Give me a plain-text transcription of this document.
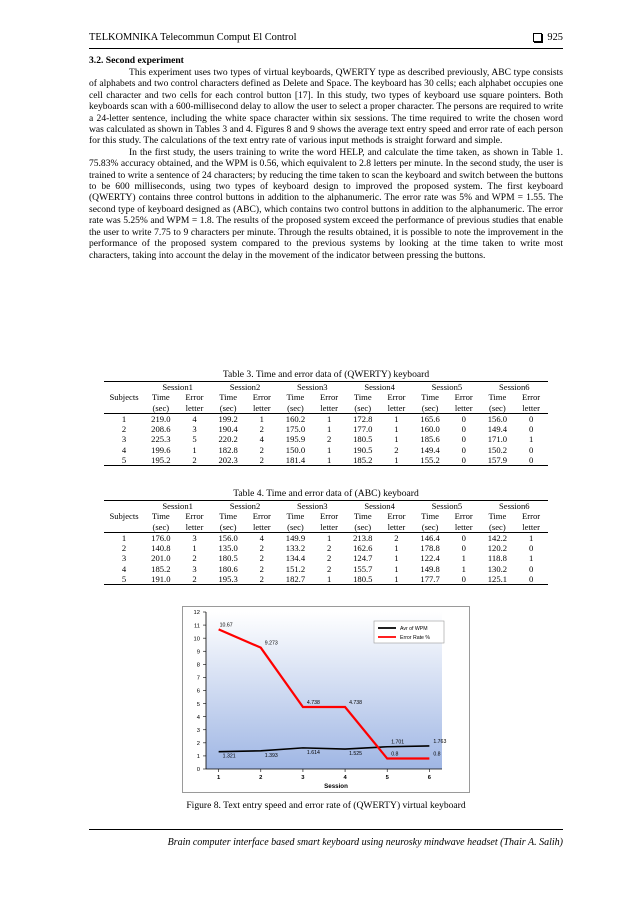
TELKOMNIKA Telecommun Comput El Control	925
3.2. Second experiment

This experiment uses two types of virtual keyboards, QWERTY type as described previously, ABC type consists of alphabets and two control characters defined as Delete and Space. The keyboard has 30 cells; each alphabet occupies one cell character and two cells for each control button [17]. In this study, two types of keyboard use square pointers. Both keyboards scan with a 600-millisecond delay to allow the user to select a proper character. The persons are required to write a 24-letter sentence, including the white space character within six sessions. The time required to write the chosen word was calculated as shown in Tables 3 and 4. Figures 8 and 9 shows the average text entry speed and error rate of each person for this study. The calculations of the text entry rate of various input methods is straight forward and simple.

In the first study, the users training to write the word HELP, and calculate the time taken, as shown in Table 1. 75.83% accuracy obtained, and the WPM is 0.56, which equivalent to 2.8 letters per minute. In the second study, the user is trained to write a sentence of 24 characters; by reducing the time taken to scan the keyboard and switch between the buttons to be 600 milliseconds, using two types of keyboard design to improved the proposed system. The first keyboard (QWERTY) contains three control buttons in addition to the alphanumeric. The error rate was 5% and WPM = 1.55. The second type of keyboard designed as (ABC), which contains two control buttons in addition to the alphanumeric. The error rate was 5.25% and WPM = 1.8. The results of the proposed system exceed the performance of previous studies that enable the user to write 7.75 to 9 characters per minute. Through the results obtained, it is possible to note the improvement in the performance of the proposed system compared to the previous systems by looking at the time taken to write most characters, taking into account the delay in the movement of the indicator between pressing the buttons.

Table 3. Time and error data of (QWERTY) keyboard
	Session1		Session2		Session3		Session4		Session5		Session6	
Subjects	Time	Error	Time	Error	Time	Error	Time	Error	Time	Error	Time	Error
	(sec)	letter	(sec)	letter	(sec)	letter	(sec)	letter	(sec)	letter	(sec)	letter
1	219.0	4	199.2	1	160.2	1	172.8	1	165.6	0	156.0	0
2	208.6	3	190.4	2	175.0	1	177.0	1	160.0	0	149.4	0
3	225.3	5	220.2	4	195.9	2	180.5	1	185.6	0	171.0	1
4	199.6	1	182.8	2	150.0	1	190.5	2	149.4	0	150.2	0
5	195.2	2	202.3	2	181.4	1	185.2	1	155.2	0	157.9	0
Table 4. Time and error data of (ABC) keyboard
	Session1		Session2		Session3		Session4		Session5		Session6	
Subjects	Time	Error	Time	Error	Time	Error	Time	Error	Time	Error	Time	Error
	(sec)	letter	(sec)	letter	(sec)	letter	(sec)	letter	(sec)	letter	(sec)	letter
1	176.0	3	156.0	4	149.9	1	213.8	2	146.4	0	142.2	1
2	140.8	1	135.0	2	133.2	2	162.6	1	178.8	0	120.2	0
3	201.0	2	180.5	2	134.4	2	124.7	1	122.4	1	118.8	1
4	185.2	3	180.6	2	151.2	2	155.7	1	149.8	1	130.2	0
5	191.0	2	195.3	2	182.7	1	180.5	1	177.7	0	125.1	0
0
1
2
3
4
5
6
7
8
9
10
11
12
1	2	3	4	5	6
Session
1.321	1.393	1.614	1.525
1.701	1.763
10.67
9.273
4.738	4.738
0.8	0.8
Avr of WPM
Error Rate %
Figure 8. Text entry speed and error rate of (QWERTY) virtual keyboard
Brain computer interface based smart keyboard using neurosky mindwave headset (Thair A. Salih)
